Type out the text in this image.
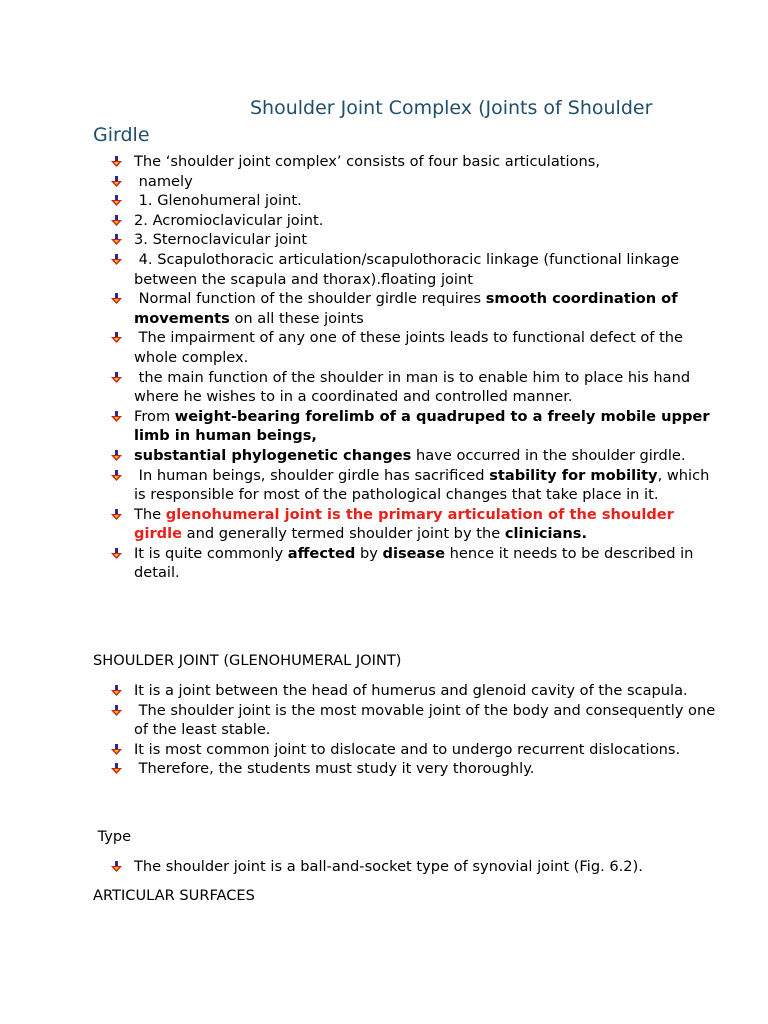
Shoulder Joint Complex (Joints of Shoulder Girdle
The ‘shoulder joint complex’ consists of four basic articulations,
namely
1. Glenohumeral joint.
2. Acromioclavicular joint.
3. Sternoclavicular joint
4. Scapulothoracic articulation/scapulothoracic linkage (functional linkage between the scapula and thorax).floating joint
Normal function of the shoulder girdle requires smooth coordination of movements on all these joints
The impairment of any one of these joints leads to functional defect of the whole complex.
the main function of the shoulder in man is to enable him to place his hand where he wishes to in a coordinated and controlled manner.
From weight-bearing forelimb of a quadruped to a freely mobile upper limb in human beings,
substantial phylogenetic changes have occurred in the shoulder girdle.
In human beings, shoulder girdle has sacrificed stability for mobility, which is responsible for most of the pathological changes that take place in it.
The glenohumeral joint is the primary articulation of the shoulder girdle and generally termed shoulder joint by the clinicians.
It is quite commonly affected by disease hence it needs to be described in detail.
SHOULDER JOINT (GLENOHUMERAL JOINT)
It is a joint between the head of humerus and glenoid cavity of the scapula.
The shoulder joint is the most movable joint of the body and consequently one of the least stable.
It is most common joint to dislocate and to undergo recurrent dislocations.
Therefore, the students must study it very thoroughly.
Type
The shoulder joint is a ball-and-socket type of synovial joint (Fig. 6.2).
ARTICULAR SURFACES
